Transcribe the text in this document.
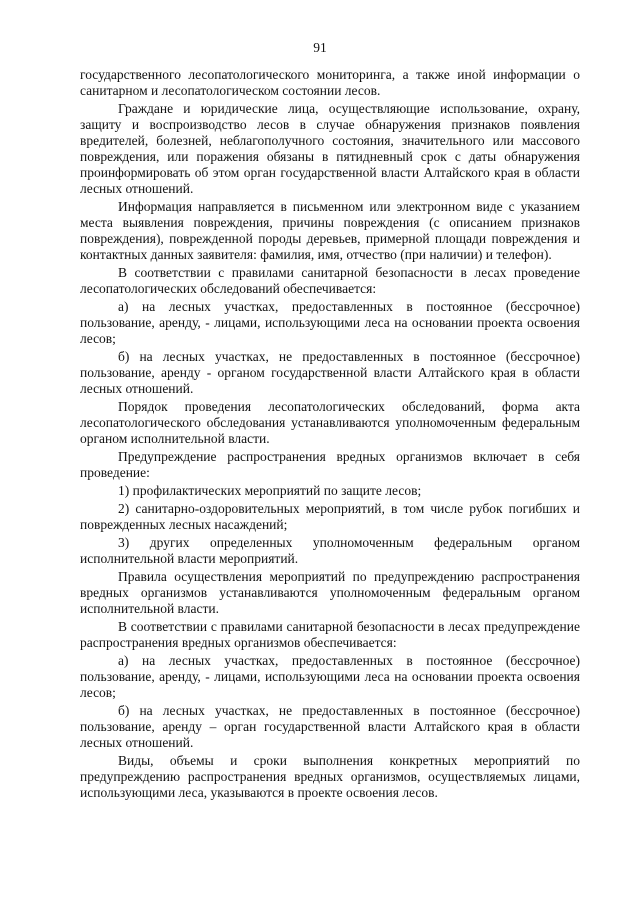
91

государственного лесопатологического мониторинга, а также иной информации о санитарном и лесопатологическом состоянии лесов.

Граждане и юридические лица, осуществляющие использование, охрану, защиту и воспроизводство лесов в случае обнаружения признаков появления вредителей, болезней, неблагополучного состояния, значительного или массового повреждения, или поражения обязаны в пятидневный срок с даты обнаружения проинформировать об этом орган государственной власти Алтайского края в области лесных отношений.

Информация направляется в письменном или электронном виде с указанием места выявления повреждения, причины повреждения (с описанием признаков повреждения), поврежденной породы деревьев, примерной площади повреждения и контактных данных заявителя: фамилия, имя, отчество (при наличии) и телефон).

В соответствии с правилами санитарной безопасности в лесах проведение лесопатологических обследований обеспечивается:

а) на лесных участках, предоставленных в постоянное (бессрочное) пользование, аренду, - лицами, использующими леса на основании проекта освоения лесов;

б) на лесных участках, не предоставленных в постоянное (бессрочное) пользование, аренду - органом государственной власти Алтайского края в области лесных отношений.

Порядок проведения лесопатологических обследований, форма акта лесопатологического обследования устанавливаются уполномоченным федеральным органом исполнительной власти.

Предупреждение распространения вредных организмов включает в себя проведение:

1) профилактических мероприятий по защите лесов;

2) санитарно-оздоровительных мероприятий, в том числе рубок погибших и поврежденных лесных насаждений;

3) других определенных уполномоченным федеральным органом исполнительной власти мероприятий.

Правила осуществления мероприятий по предупреждению распространения вредных организмов устанавливаются уполномоченным федеральным органом исполнительной власти.

В соответствии с правилами санитарной безопасности в лесах предупреждение распространения вредных организмов обеспечивается:

а) на лесных участках, предоставленных в постоянное (бессрочное) пользование, аренду, - лицами, использующими леса на основании проекта освоения лесов;

б) на лесных участках, не предоставленных в постоянное (бессрочное) пользование, аренду – орган государственной власти Алтайского края в области лесных отношений.

Виды, объемы и сроки выполнения конкретных мероприятий по предупреждению распространения вредных организмов, осуществляемых лицами, использующими леса, указываются в проекте освоения лесов.
